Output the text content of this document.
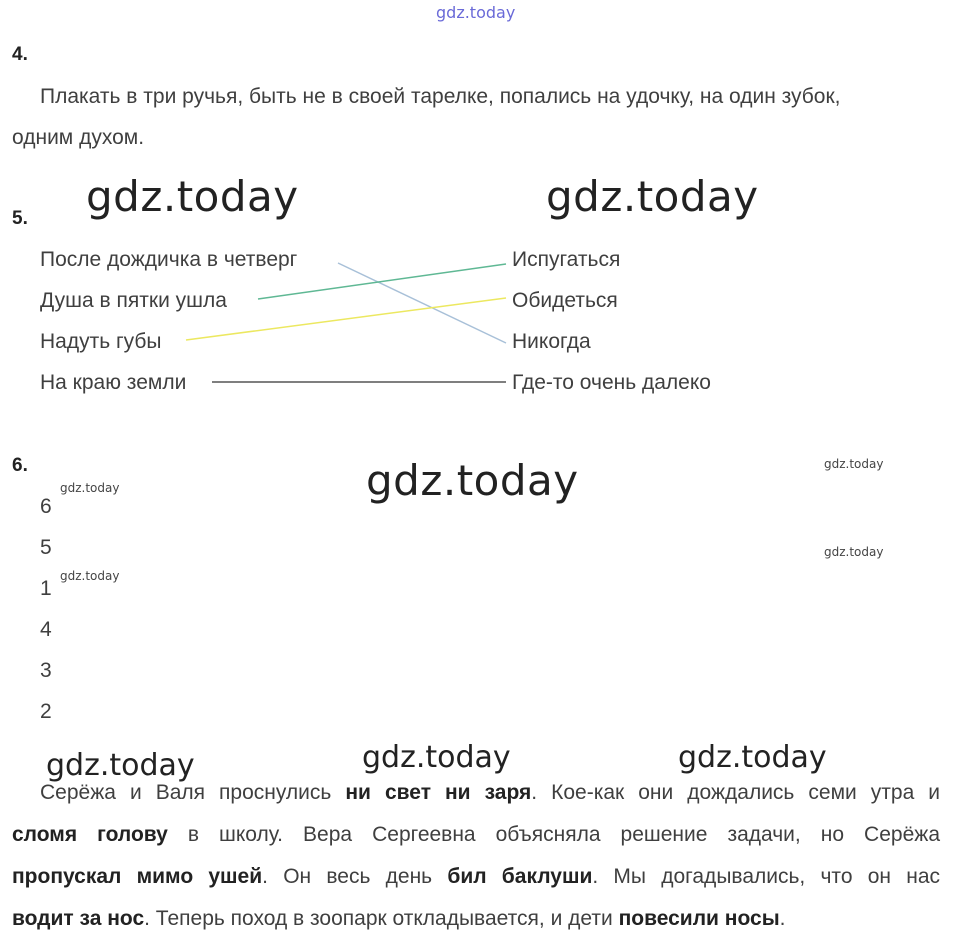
gdz.today
4.
Плакать в три ручья, быть не в своей тарелке, попались на удочку, на один зубок,
одним духом.
gdz.today	gdz.today
5.
После дождичка в четверг
Душа в пятки ушла
Надуть губы
На краю земли
Испугаться
Обидеться
Никогда
Где-то очень далеко
6.	gdz.today	gdz.today
gdz.today
gdz.today
gdz.today
6
5
1
4
3
2
gdz.today	gdz.today	gdz.today
Серёжа и Валя проснулись ни свет ни заря. Кое-как они дождались семи утра и
сломя голову в школу. Вера Сергеевна объясняла решение задачи, но Серёжа
пропускал мимо ушей. Он весь день бил баклуши. Мы догадывались, что он нас
водит за нос. Теперь поход в зоопарк откладывается, и дети повесили носы.
